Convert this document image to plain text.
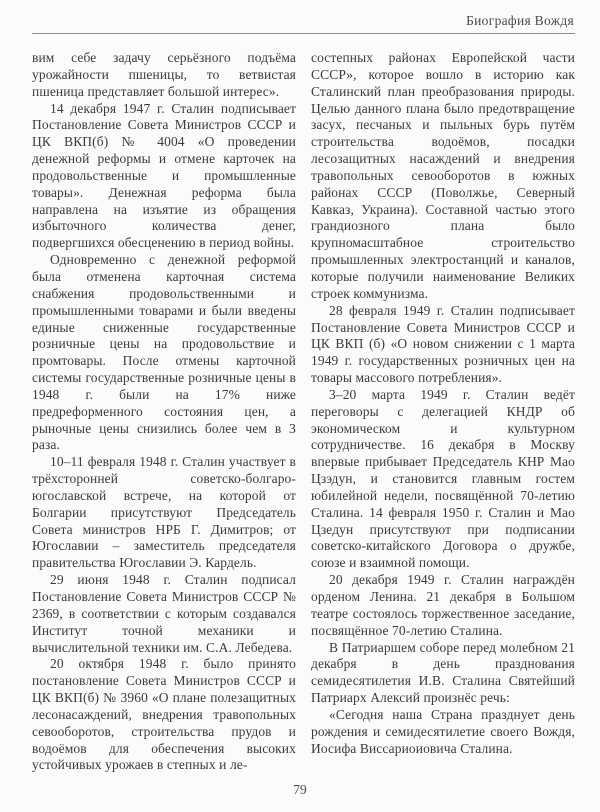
Биография Вождя

вим себе задачу серьёзного подъёма урожайности пшеницы, то ветвистая пшеница представляет большой интерес».

14 декабря 1947 г. Сталин подписывает Постановление Совета Министров СССР и ЦК ВКП(б) № 4004 «О проведении денежной реформы и отмене карточек на продовольственные и промышленные товары». Денежная реформа была направлена на изъятие из обращения избыточного количества денег, подвергшихся обесценению в период войны.

Одновременно с денежной реформой была отменена карточная система снабжения продовольственными и промышленными товарами и были введены единые сниженные государственные розничные цены на продовольствие и промтовары. После отмены карточной системы государственные розничные цены в 1948 г. были на 17% ниже предреформенного состояния цен, а рыночные цены снизились более чем в 3 раза.

10–11 февраля 1948 г. Сталин участвует в трёхсторонней советско-болгаро-югославской встрече, на которой от Болгарии присутствуют Председатель Совета министров НРБ Г. Димитров; от Югославии – заместитель председателя правительства Югославии Э. Кардель.

29 июня 1948 г. Сталин подписал Постановление Совета Министров СССР № 2369, в соответствии с которым создавался Институт точной механики и вычислительной техники им. С.А. Лебедева.

20 октября 1948 г. было принято постановление Совета Министров СССР и ЦК ВКП(б) № 3960 «О плане полезащитных лесонасаждений, внедрения травопольных севооборотов, строительства прудов и водоёмов для обеспечения высоких устойчивых урожаев в степных и ле-

состепных районах Европейской части СССР», которое вошло в историю как Сталинский план преобразования природы. Целью данного плана было предотвращение засух, песчаных и пыльных бурь путём строительства водоёмов, посадки лесозащитных насаждений и внедрения травопольных севооборотов в южных районах СССР (Поволжье, Северный Кавказ, Украина). Составной частью этого грандиозного плана было крупномасштабное строительство промышленных электростанций и каналов, которые получили наименование Великих строек коммунизма.

28 февраля 1949 г. Сталин подписывает Постановление Совета Министров СССР и ЦК ВКП (б) «О новом снижении с 1 марта 1949 г. государственных розничных цен на товары массового потребления».

3–20 марта 1949 г. Сталин ведёт переговоры с делегацией КНДР об экономическом и культурном сотрудничестве. 16 декабря в Москву впервые прибывает Председатель КНР Мао Цзэдун, и становится главным гостем юбилейной недели, посвящённой 70-летию Сталина. 14 февраля 1950 г. Сталин и Мао Цзедун присутствуют при подписании советско-китайского Договора о дружбе, союзе и взаимной помощи.

20 декабря 1949 г. Сталин награждён орденом Ленина. 21 декабря в Большом театре состоялось торжественное заседание, посвящённое 70-летию Сталина.

В Патриаршем соборе перед молебном 21 декабря в день празднования семидесятилетия И.В. Сталина Святейший Патриарх Алексий произнёс речь:

«Сегодня наша Страна празднует день рождения и семидесятилетие своего Вождя, Иосифа Виссариоиовича Сталина.

79
